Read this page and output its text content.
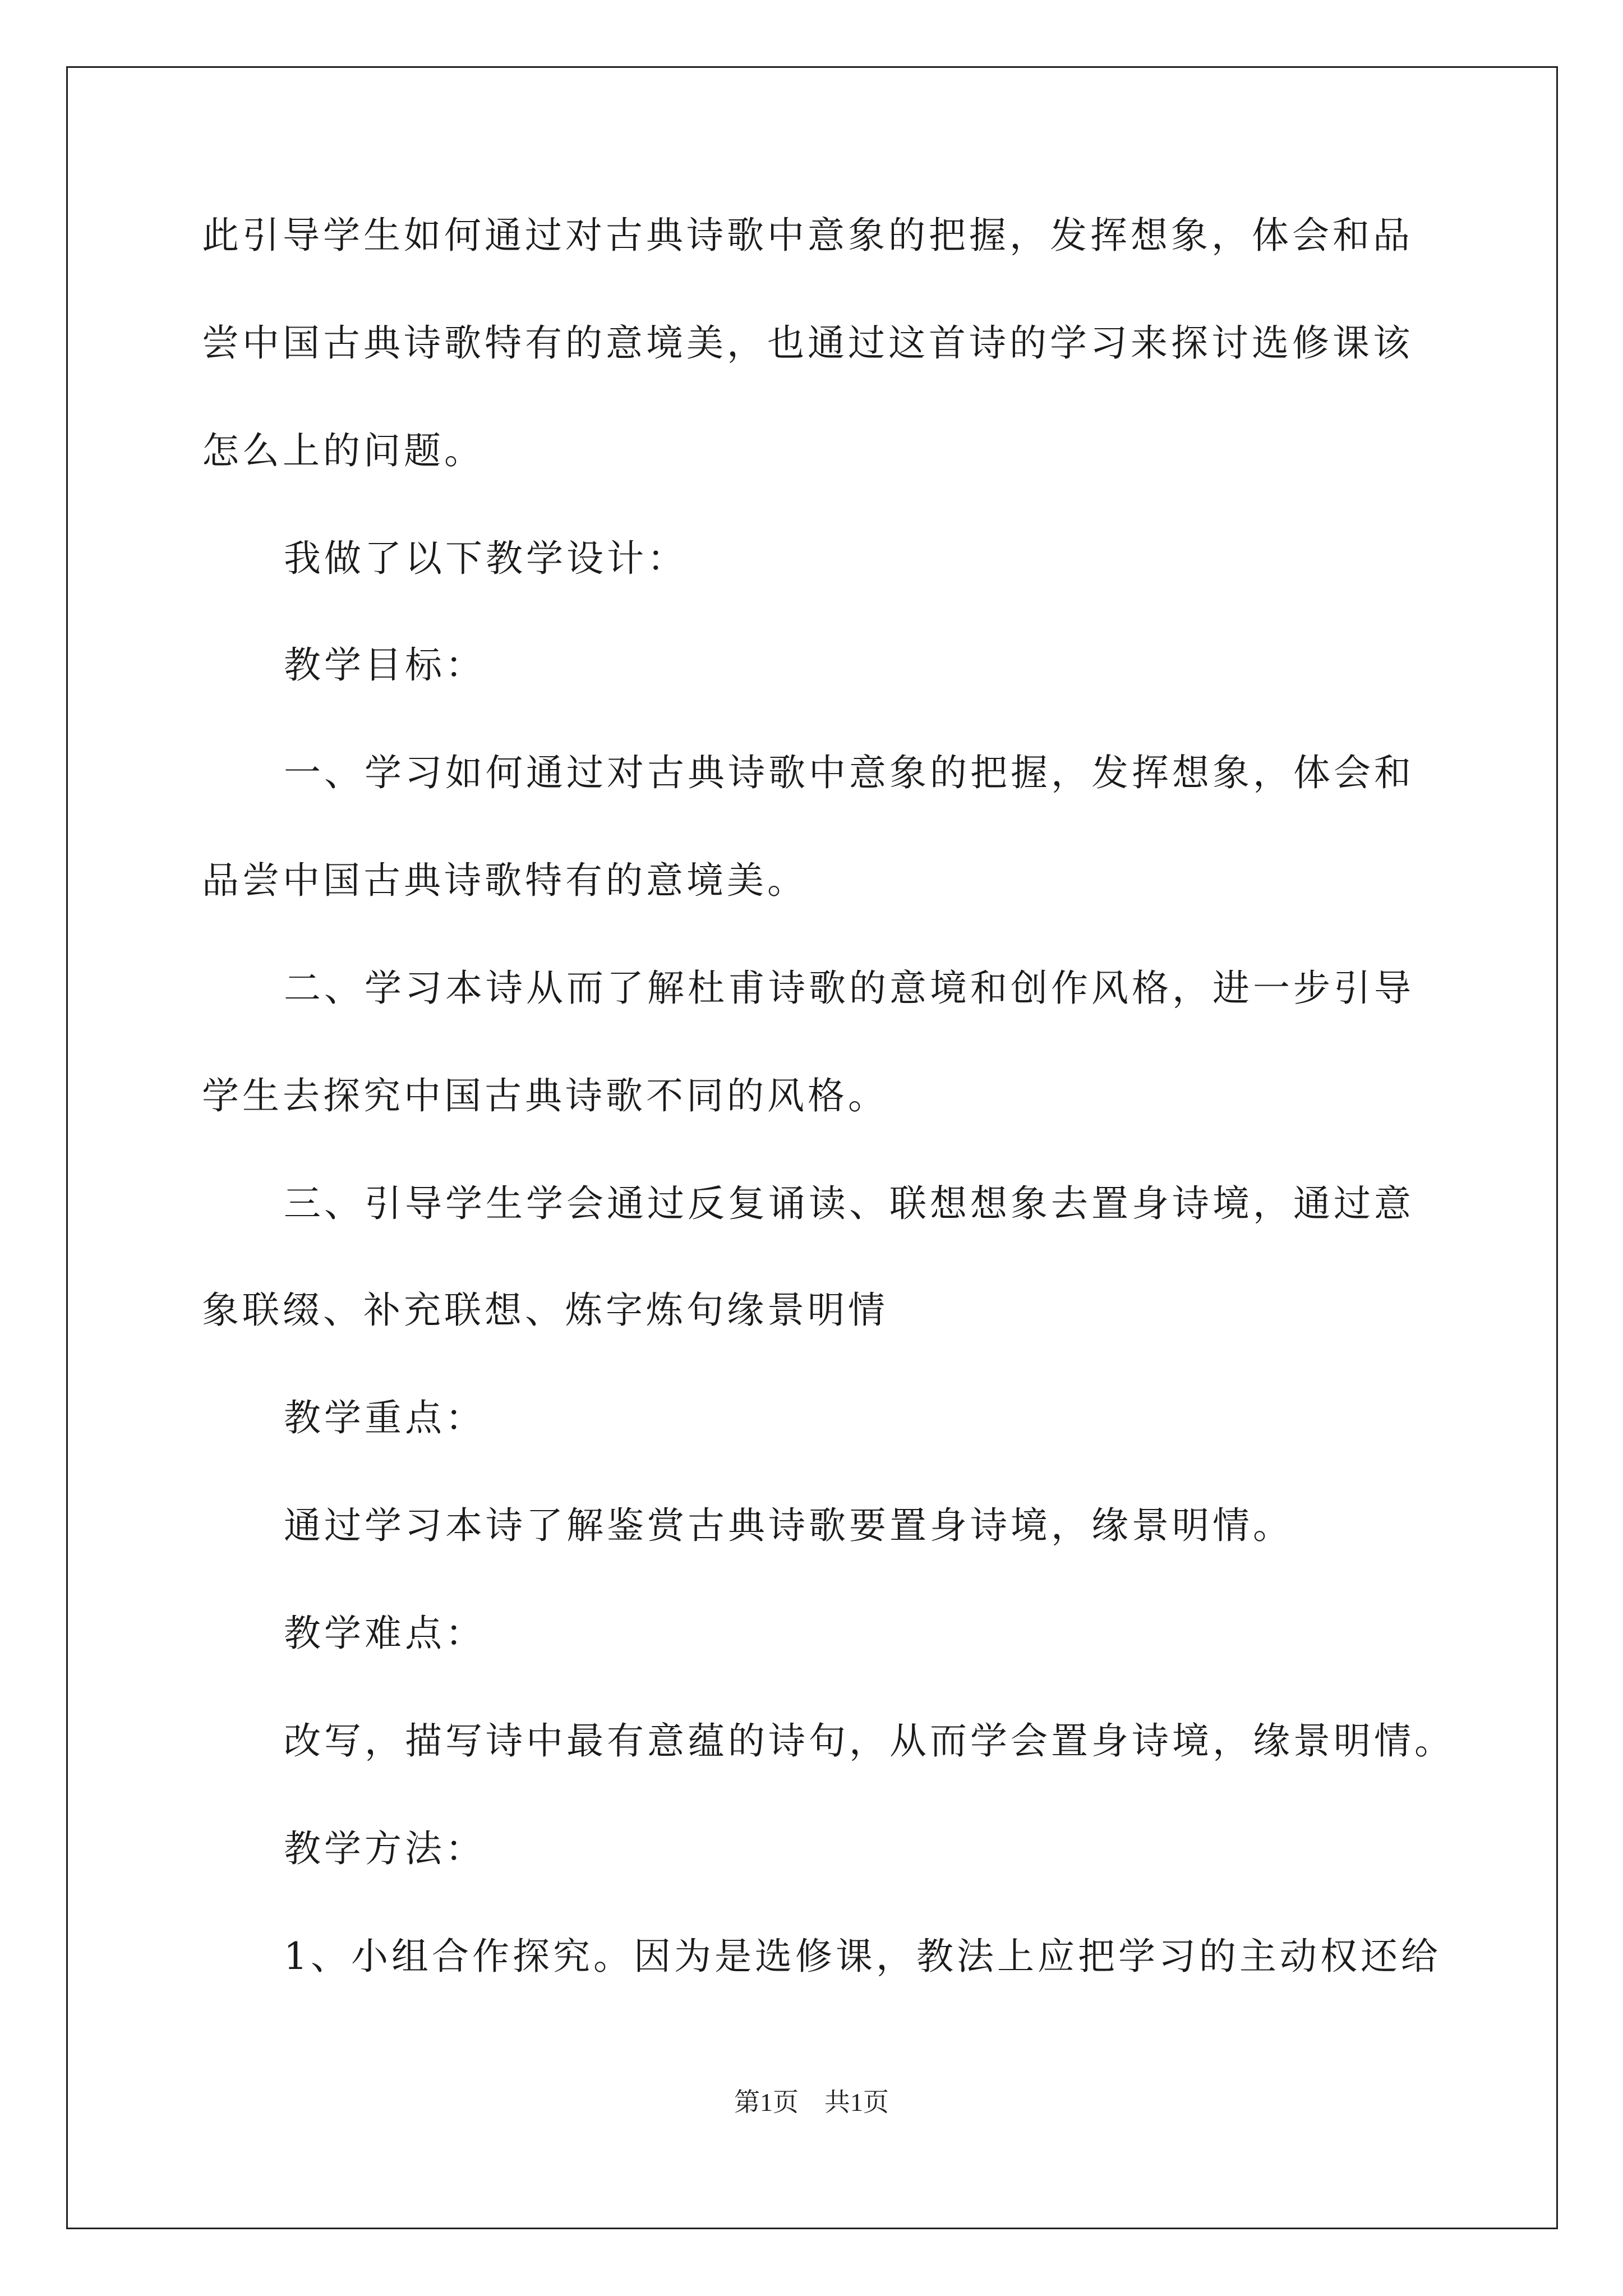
此引导学生如何通过对古典诗歌中意象的把握，发挥想象，体会和品
尝中国古典诗歌特有的意境美，也通过这首诗的学习来探讨选修课该
怎么上的问题。
我做了以下教学设计：
教学目标：
一、学习如何通过对古典诗歌中意象的把握，发挥想象，体会和
品尝中国古典诗歌特有的意境美。
二、学习本诗从而了解杜甫诗歌的意境和创作风格，进一步引导
学生去探究中国古典诗歌不同的风格。
三、引导学生学会通过反复诵读、联想想象去置身诗境，通过意
象联缀、补充联想、炼字炼句缘景明情
教学重点：
通过学习本诗了解鉴赏古典诗歌要置身诗境，缘景明情。
教学难点：
改写，描写诗中最有意蕴的诗句，从而学会置身诗境，缘景明情。
教学方法：
1、小组合作探究。因为是选修课，教法上应把学习的主动权还给
第1页　共1页
